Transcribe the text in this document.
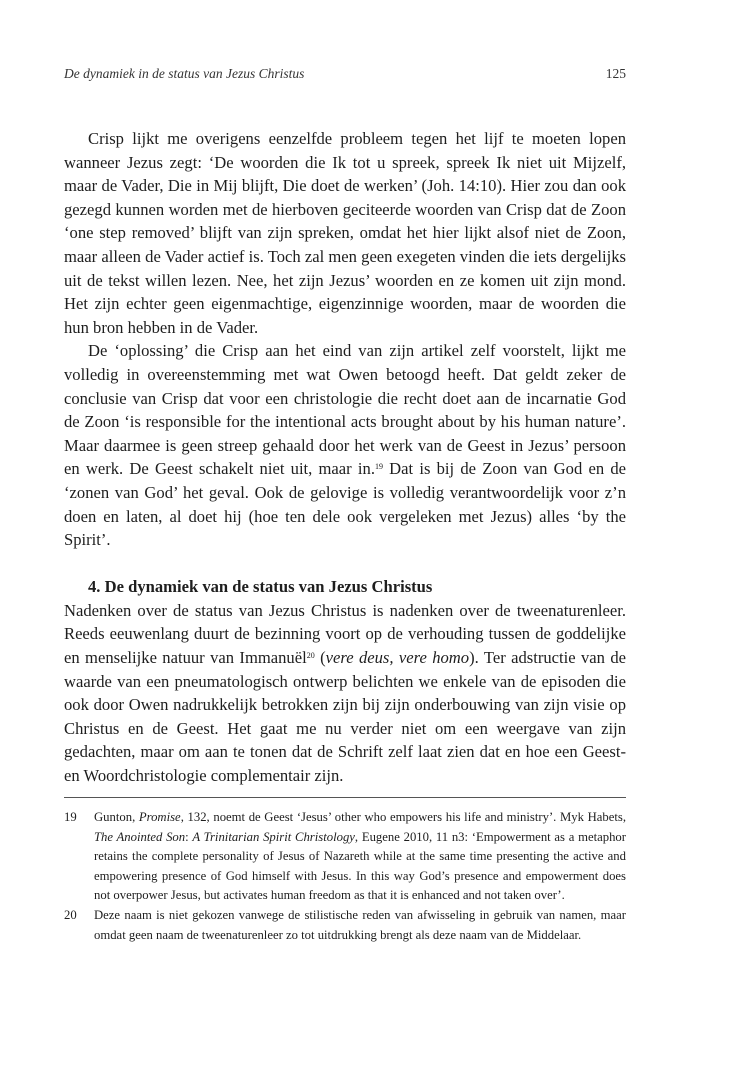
De dynamiek in de status van Jezus Christus	125

Crisp lijkt me overigens eenzelfde probleem tegen het lijf te moeten lopen wanneer Jezus zegt: ‘De woorden die Ik tot u spreek, spreek Ik niet uit Mijzelf, maar de Vader, Die in Mij blijft, Die doet de werken’ (Joh. 14:10). Hier zou dan ook gezegd kunnen worden met de hierboven geciteerde woorden van Crisp dat de Zoon ‘one step removed’ blijft van zijn spreken, omdat het hier lijkt alsof niet de Zoon, maar alleen de Vader actief is. Toch zal men geen exegeten vinden die iets dergelijks uit de tekst willen lezen. Nee, het zijn Jezus’ woorden en ze komen uit zijn mond. Het zijn echter geen eigenmachtige, eigenzinnige woorden, maar de woorden die hun bron hebben in de Vader.

De ‘oplossing’ die Crisp aan het eind van zijn artikel zelf voorstelt, lijkt me volledig in overeenstemming met wat Owen betoogd heeft. Dat geldt zeker de conclusie van Crisp dat voor een christologie die recht doet aan de incarnatie God de Zoon ‘is responsible for the intentional acts brought about by his human nature’. Maar daarmee is geen streep gehaald door het werk van de Geest in Jezus’ persoon en werk. De Geest schakelt niet uit, maar in.$^{19}$ Dat is bij de Zoon van God en de ‘zonen van God’ het geval. Ook de gelovige is volledig verantwoordelijk voor z’n doen en laten, al doet hij (hoe ten dele ook vergeleken met Jezus) alles ‘by the Spirit’.

4. De dynamiek van de status van Jezus Christus

Nadenken over de status van Jezus Christus is nadenken over de tweenaturenleer. Reeds eeuwenlang duurt de bezinning voort op de verhouding tussen de goddelijke en menselijke natuur van Immanuël$^{20}$ (vere deus, vere homo). Ter adstructie van de waarde van een pneumatologisch ontwerp belichten we enkele van de episoden die ook door Owen nadrukkelijk betrokken zijn bij zijn onderbouwing van zijn visie op Christus en de Geest. Het gaat me nu verder niet om een weergave van zijn gedachten, maar om aan te tonen dat de Schrift zelf laat zien dat en hoe een Geest- en Woordchristologie complementair zijn.

19 Gunton, Promise, 132, noemt de Geest ‘Jesus’ other who empowers his life and ministry’. Myk Habets, The Anointed Son: A Trinitarian Spirit Christology, Eugene 2010, 11 n3: ‘Empowerment as a metaphor retains the complete personality of Jesus of Nazareth while at the same time presenting the active and empowering presence of God himself with Jesus. In this way God’s presence and empowerment does not overpower Jesus, but activates human freedom as that it is enhanced and not taken over’.
20 Deze naam is niet gekozen vanwege de stilistische reden van afwisseling in gebruik van namen, maar omdat geen naam de tweenaturenleer zo tot uitdrukking brengt als deze naam van de Middelaar.
